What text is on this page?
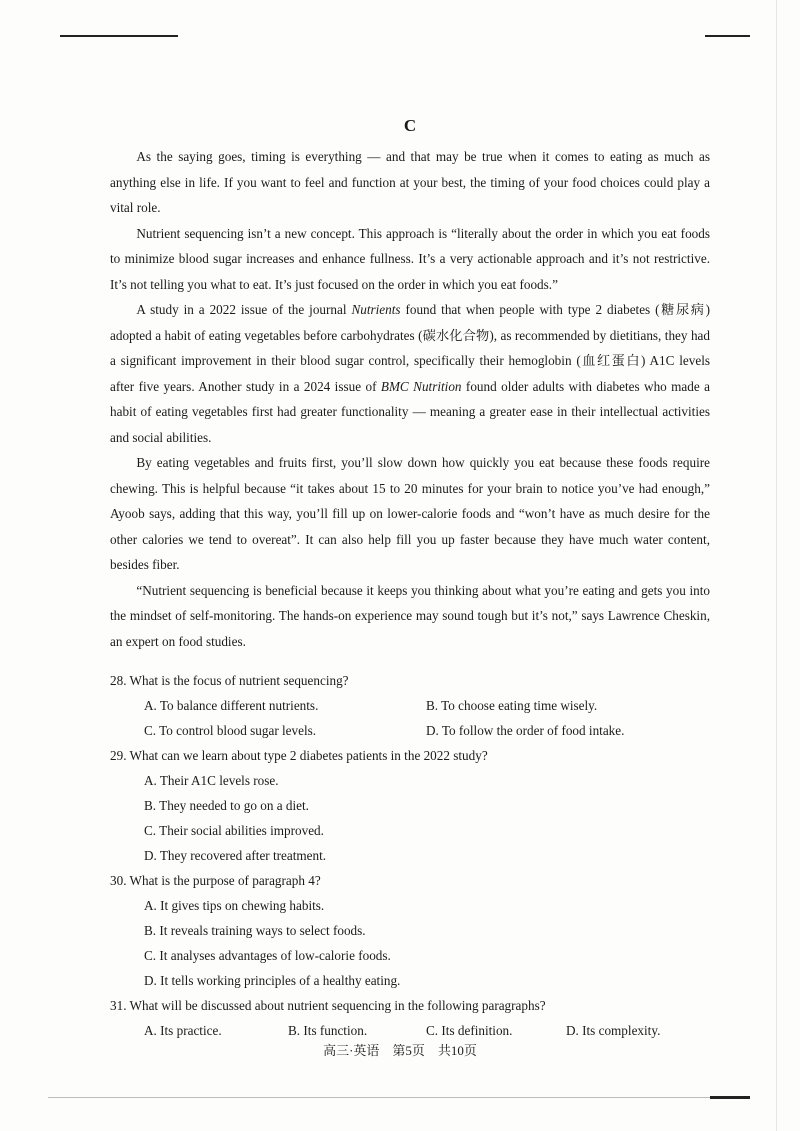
C

As the saying goes, timing is everything — and that may be true when it comes to eating as much as anything else in life. If you want to feel and function at your best, the timing of your food choices could play a vital role.

Nutrient sequencing isn’t a new concept. This approach is “literally about the order in which you eat foods to minimize blood sugar increases and enhance fullness. It’s a very actionable approach and it’s not restrictive. It’s not telling you what to eat. It’s just focused on the order in which you eat foods.”

A study in a 2022 issue of the journal Nutrients found that when people with type 2 diabetes (糖尿病) adopted a habit of eating vegetables before carbohydrates (碳水化合物), as recommended by dietitians, they had a significant improvement in their blood sugar control, specifically their hemoglobin (血红蛋白) A1C levels after five years. Another study in a 2024 issue of BMC Nutrition found older adults with diabetes who made a habit of eating vegetables first had greater functionality — meaning a greater ease in their intellectual activities and social abilities.

By eating vegetables and fruits first, you’ll slow down how quickly you eat because these foods require chewing. This is helpful because “it takes about 15 to 20 minutes for your brain to notice you’ve had enough,” Ayoob says, adding that this way, you’ll fill up on lower-calorie foods and “won’t have as much desire for the other calories we tend to overeat”. It can also help fill you up faster because they have much water content, besides fiber.

“Nutrient sequencing is beneficial because it keeps you thinking about what you’re eating and gets you into the mindset of self-monitoring. The hands-on experience may sound tough but it’s not,” says Lawrence Cheskin, an expert on food studies.

28. What is the focus of nutrient sequencing?

A. To balance different nutrients.	B. To choose eating time wisely.
C. To control blood sugar levels.	D. To follow the order of food intake.

29. What can we learn about type 2 diabetes patients in the 2022 study?

A. Their A1C levels rose.
B. They needed to go on a diet.
C. Their social abilities improved.
D. They recovered after treatment.

30. What is the purpose of paragraph 4?

A. It gives tips on chewing habits.
B. It reveals training ways to select foods.
C. It analyses advantages of low-calorie foods.
D. It tells working principles of a healthy eating.

31. What will be discussed about nutrient sequencing in the following paragraphs?

A. Its practice.	B. Its function.	C. Its definition.	D. Its complexity.
高三·英语　第5页　共10页
